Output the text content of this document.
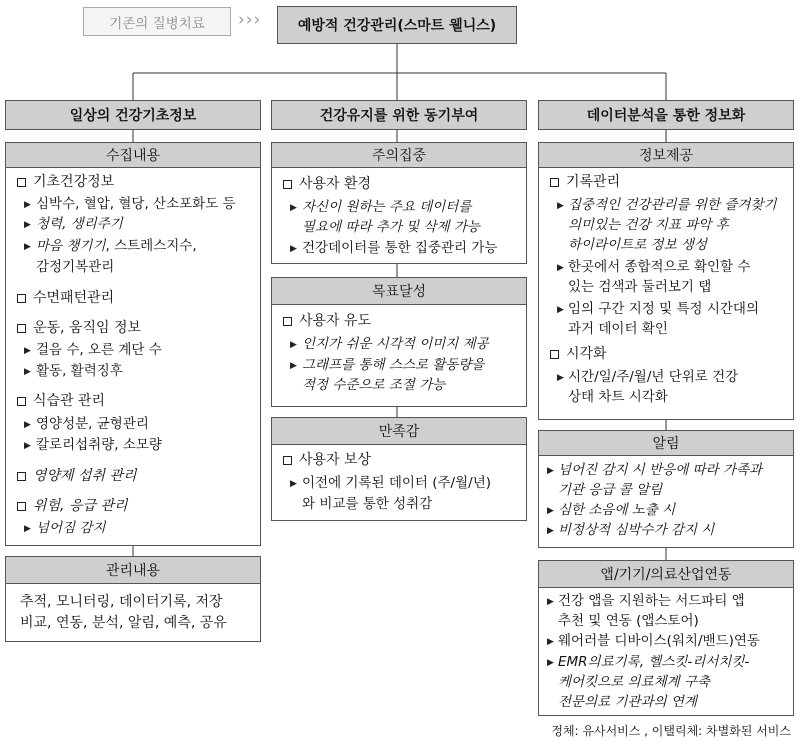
기존의 질병치료 ›››	예방적 건강관리(스마트 웰니스)
일상의 건강기초정보
수집내용
기초건강정보
▶ 심박수, 혈압, 혈당, 산소포화도 등
▶ 청력, 생리주기
▶ 마음 챙기기, 스트레스지수,
감정기복관리
수면패턴관리
운동, 움직임 정보
▶ 걸음 수, 오른 계단 수
▶ 활동, 활력징후
식습관 관리
▶ 영양성분, 균형관리
▶ 칼로리섭취량, 소모량
영양제 섭취 관리
위험, 응급 관리
▶ 넘어짐 감지
관리내용
추적, 모니터링, 데이터기록, 저장
비교, 연동, 분석, 알림, 예측, 공유
건강유지를 위한 동기부여
주의집중
사용자 환경
▶ 자신이 원하는 주요 데이터를
필요에 따라 추가 및 삭제 가능
▶ 건강데이터를 통한 집중관리 가능
목표달성
사용자 유도
▶ 인지가 쉬운 시각적 이미지 제공
▶ 그래프를 통해 스스로 활동량을
적정 수준으로 조절 가능
만족감
사용자 보상
▶ 이전에 기록된 데이터 (주/월/년)
와 비교를 통한 성취감
데이터분석을 통한 정보화
정보제공
기록관리
▶ 집중적인 건강관리를 위한 즐겨찾기
의미있는 건강 지표 파악 후
하이라이트로 정보 생성
▶ 한곳에서 종합적으로 확인할 수
있는 검색과 둘러보기 탭
▶ 임의 구간 지정 및 특정 시간대의
과거 데이터 확인
시각화
▶ 시간/일/주/월/년 단위로 건강
상태 차트 시각화
알림
▶ 넘어진 감지 시 반응에 따라 가족과
기관 응급 콜 알림
▶ 심한 소음에 노출 시
▶ 비정상적 심박수가 감지 시
앱/기기/의료산업연동
▶ 건강 앱을 지원하는 서드파티 앱
추천 및 연동 (앱스토어)
▶ 웨어러블 디바이스(워치/밴드)연동
▶ EMR의료기록, 헬스킷-리서치킷-
케어킷으로 의료체계 구축
전문의료 기관과의 연계
정체: 유사서비스 , 이탤릭체: 차별화된 서비스
